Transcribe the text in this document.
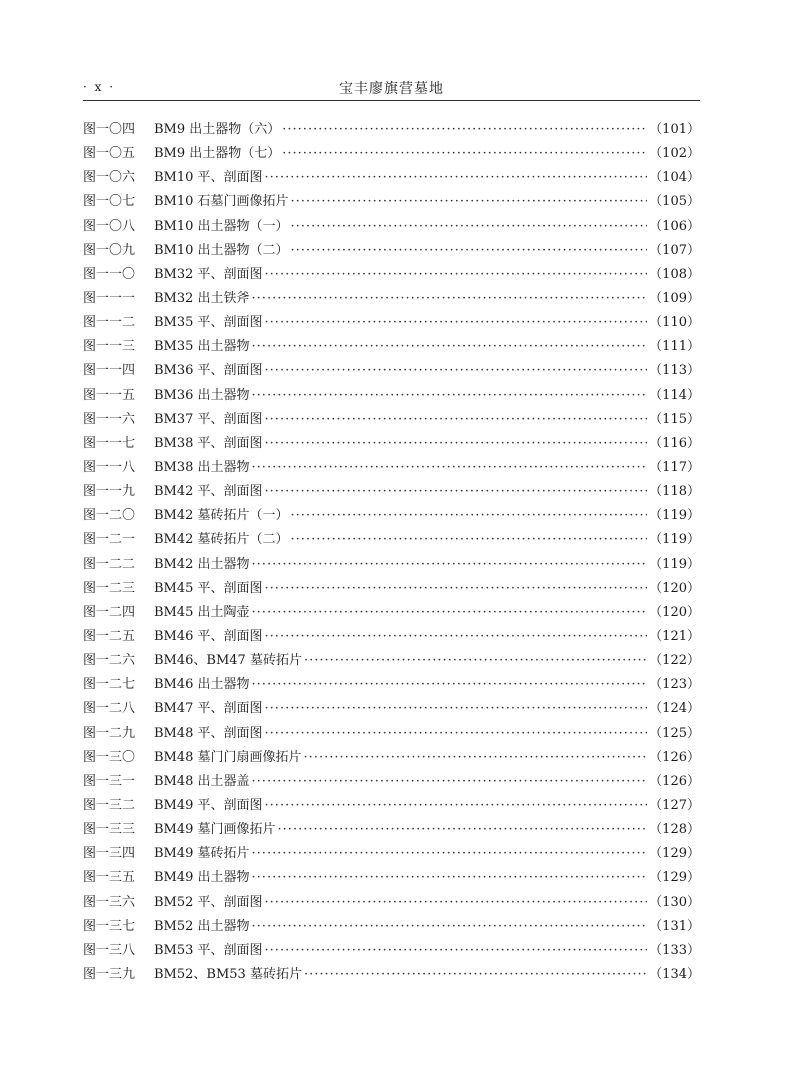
· x ·	宝丰廖旗营墓地
图一〇四	BM9 出土器物（六） ·····	（101）
图一〇五	BM9 出土器物（七） ·····	（102）
图一〇六	BM10 平、剖面图 ·····	（104）
图一〇七	BM10 石墓门画像拓片 ·····	（105）
图一〇八	BM10 出土器物（一） ·····	（106）
图一〇九	BM10 出土器物（二） ·····	（107）
图一一〇	BM32 平、剖面图 ·····	（108）
图一一一	BM32 出土铁斧 ·····	（109）
图一一二	BM35 平、剖面图 ·····	（110）
图一一三	BM35 出土器物 ·····	（111）
图一一四	BM36 平、剖面图 ·····	（113）
图一一五	BM36 出土器物 ·····	（114）
图一一六	BM37 平、剖面图 ·····	（115）
图一一七	BM38 平、剖面图 ·····	（116）
图一一八	BM38 出土器物 ·····	（117）
图一一九	BM42 平、剖面图 ·····	（118）
图一二〇	BM42 墓砖拓片（一） ·····	（119）
图一二一	BM42 墓砖拓片（二） ·····	（119）
图一二二	BM42 出土器物 ·····	（119）
图一二三	BM45 平、剖面图 ·····	（120）
图一二四	BM45 出土陶壶 ·····	（120）
图一二五	BM46 平、剖面图 ·····	（121）
图一二六	BM46、BM47 墓砖拓片 ·····	（122）
图一二七	BM46 出土器物 ·····	（123）
图一二八	BM47 平、剖面图 ·····	（124）
图一二九	BM48 平、剖面图 ·····	（125）
图一三〇	BM48 墓门门扇画像拓片 ·····	（126）
图一三一	BM48 出土器盖 ·····	（126）
图一三二	BM49 平、剖面图 ·····	（127）
图一三三	BM49 墓门画像拓片 ·····	（128）
图一三四	BM49 墓砖拓片 ·····	（129）
图一三五	BM49 出土器物 ·····	（129）
图一三六	BM52 平、剖面图 ·····	（130）
图一三七	BM52 出土器物 ·····	（131）
图一三八	BM53 平、剖面图 ·····	（133）
图一三九	BM52、BM53 墓砖拓片 ·····	（134）
